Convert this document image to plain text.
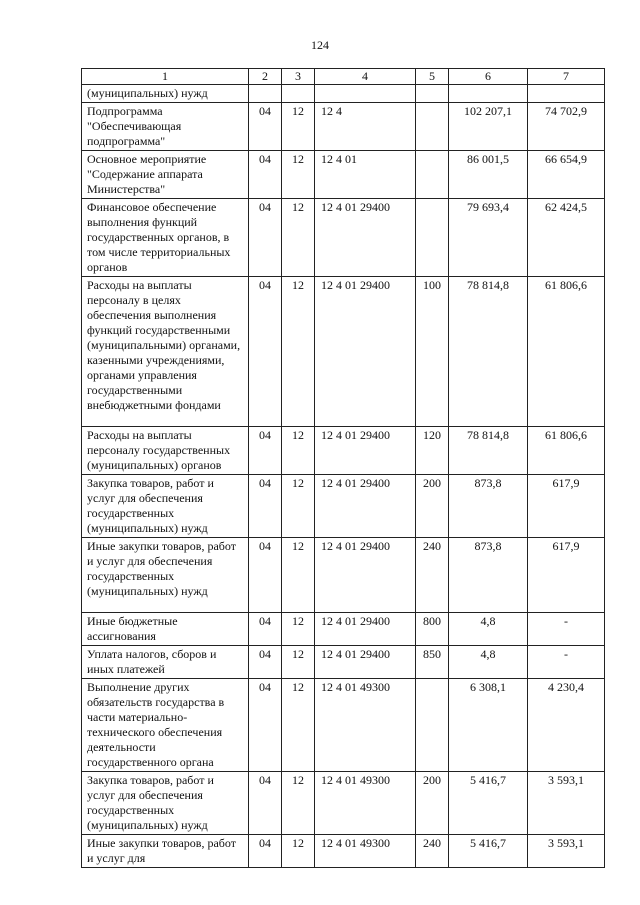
124
1	2	3	4	5	6	7
(муниципальных) нужд						
Подпрограмма "Обеспечивающая подпрограмма"	04	12	12 4		102 207,1	74 702,9
Основное мероприятие "Содержание аппарата Министерства"	04	12	12 4 01		86 001,5	66 654,9
Финансовое обеспечение выполнения функций государственных органов, в том числе территориальных органов	04	12	12 4 01 29400		79 693,4	62 424,5
Расходы на выплаты персоналу в целях обеспечения выполнения функций государственными (муниципальными) органами, казенными учреждениями, органами управления государственными внебюджетными фондами	04	12	12 4 01 29400	100	78 814,8	61 806,6
Расходы на выплаты персоналу государственных (муниципальных) органов	04	12	12 4 01 29400	120	78 814,8	61 806,6
Закупка товаров, работ и услуг для обеспечения государственных (муниципальных) нужд	04	12	12 4 01 29400	200	873,8	617,9
Иные закупки товаров, работ и услуг для обеспечения государственных (муниципальных) нужд	04	12	12 4 01 29400	240	873,8	617,9
Иные бюджетные ассигнования	04	12	12 4 01 29400	800	4,8	-
Уплата налогов, сборов и иных платежей	04	12	12 4 01 29400	850	4,8	-
Выполнение других обязательств государства в части материально-технического обеспечения деятельности государственного органа	04	12	12 4 01 49300		6 308,1	4 230,4
Закупка товаров, работ и услуг для обеспечения государственных (муниципальных) нужд	04	12	12 4 01 49300	200	5 416,7	3 593,1
Иные закупки товаров, работ и услуг для	04	12	12 4 01 49300	240	5 416,7	3 593,1
